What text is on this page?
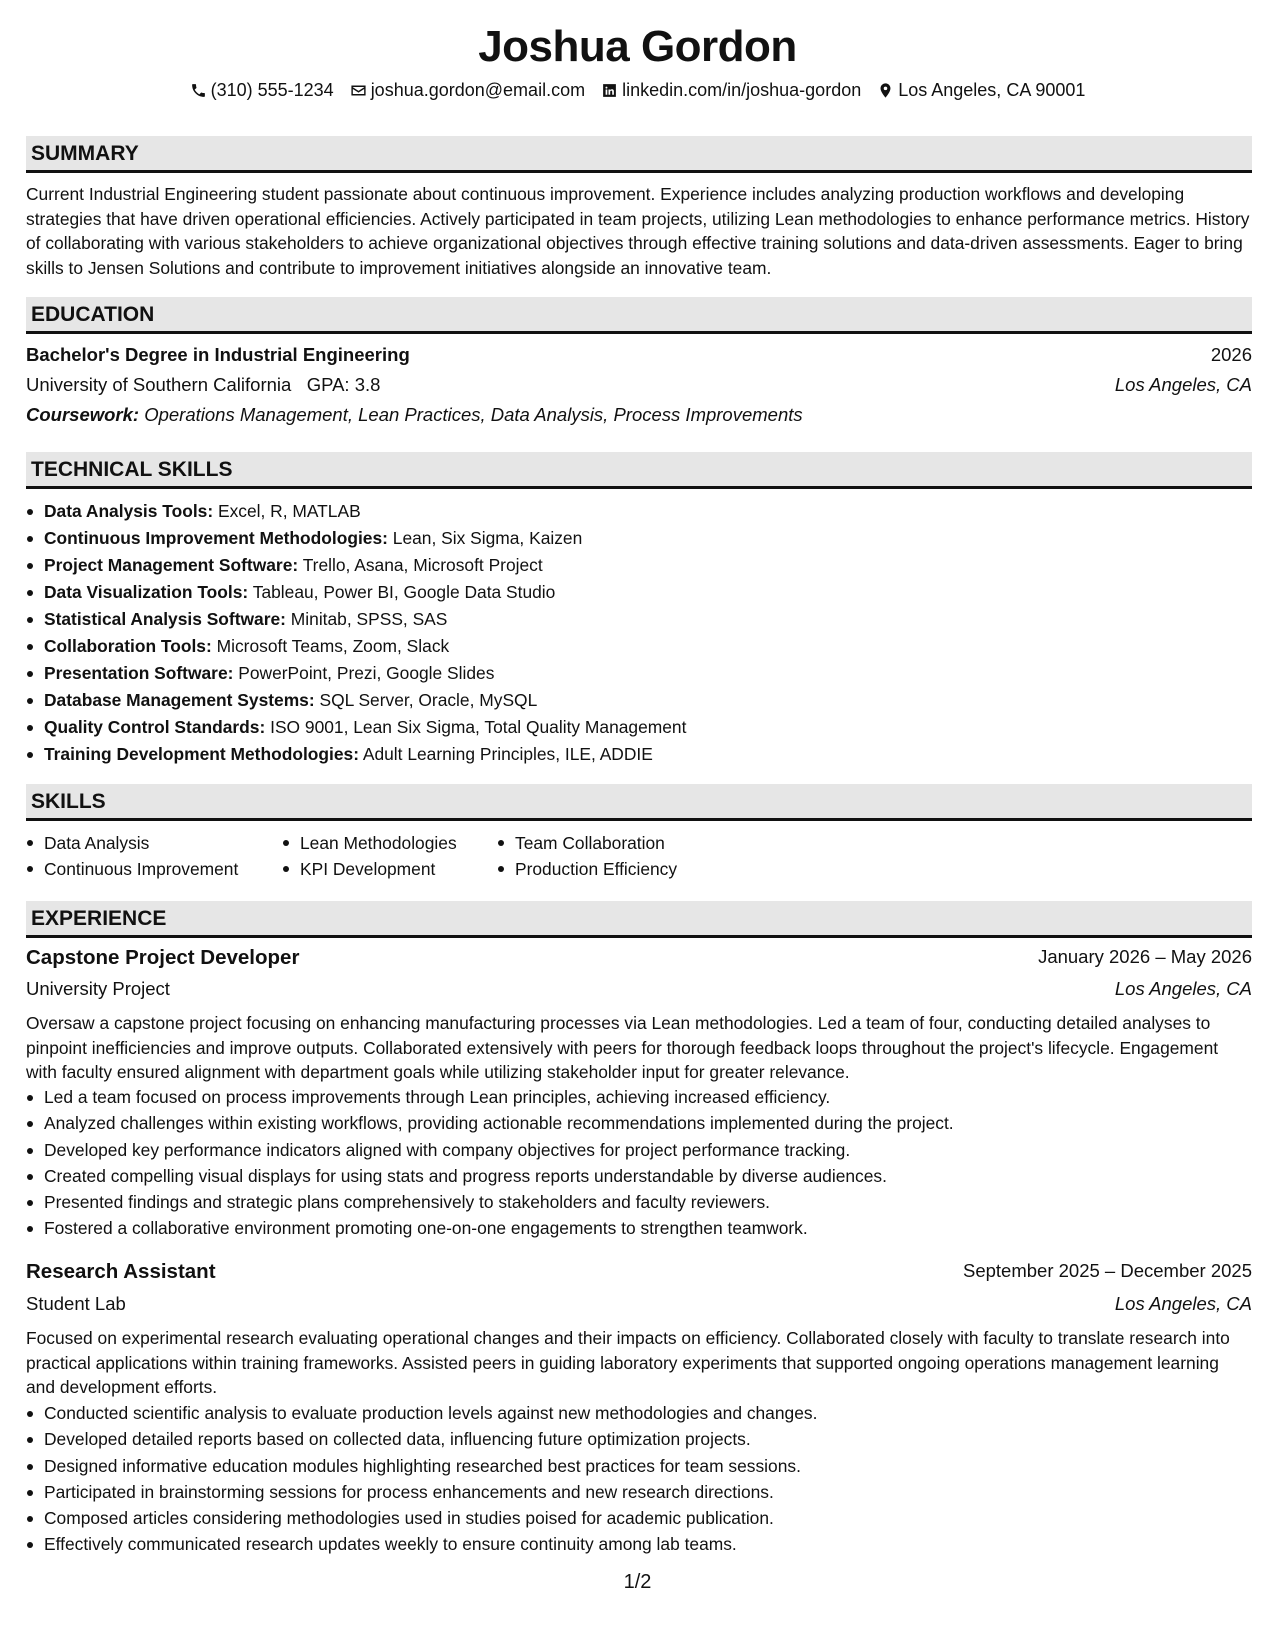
Joshua Gordon
(310) 555-1234 joshua.gordon@email.com linkedin.com/in/joshua-gordon Los Angeles, CA 90001
SUMMARY
Current Industrial Engineering student passionate about continuous improvement. Experience includes analyzing production workflows and developing strategies that have driven operational efficiencies. Actively participated in team projects, utilizing Lean methodologies to enhance performance metrics. History of collaborating with various stakeholders to achieve organizational objectives through effective training solutions and data-driven assessments. Eager to bring skills to Jensen Solutions and contribute to improvement initiatives alongside an innovative team.
EDUCATION
Bachelor's Degree in Industrial Engineering	2026
University of Southern California GPA: 3.8	Los Angeles, CA
Coursework: Operations Management, Lean Practices, Data Analysis, Process Improvements
TECHNICAL SKILLS
Data Analysis Tools: Excel, R, MATLAB
Continuous Improvement Methodologies: Lean, Six Sigma, Kaizen
Project Management Software: Trello, Asana, Microsoft Project
Data Visualization Tools: Tableau, Power BI, Google Data Studio
Statistical Analysis Software: Minitab, SPSS, SAS
Collaboration Tools: Microsoft Teams, Zoom, Slack
Presentation Software: PowerPoint, Prezi, Google Slides
Database Management Systems: SQL Server, Oracle, MySQL
Quality Control Standards: ISO 9001, Lean Six Sigma, Total Quality Management
Training Development Methodologies: Adult Learning Principles, ILE, ADDIE
SKILLS
Data Analysis
Continuous Improvement
Lean Methodologies
KPI Development
Team Collaboration
Production Efficiency
EXPERIENCE
Capstone Project Developer	January 2026 – May 2026
University Project	Los Angeles, CA
Oversaw a capstone project focusing on enhancing manufacturing processes via Lean methodologies. Led a team of four, conducting detailed analyses to pinpoint inefficiencies and improve outputs. Collaborated extensively with peers for thorough feedback loops throughout the project's lifecycle. Engagement with faculty ensured alignment with department goals while utilizing stakeholder input for greater relevance.
Led a team focused on process improvements through Lean principles, achieving increased efficiency.
Analyzed challenges within existing workflows, providing actionable recommendations implemented during the project.
Developed key performance indicators aligned with company objectives for project performance tracking.
Created compelling visual displays for using stats and progress reports understandable by diverse audiences.
Presented findings and strategic plans comprehensively to stakeholders and faculty reviewers.
Fostered a collaborative environment promoting one-on-one engagements to strengthen teamwork.
Research Assistant	September 2025 – December 2025
Student Lab	Los Angeles, CA
Focused on experimental research evaluating operational changes and their impacts on efficiency. Collaborated closely with faculty to translate research into practical applications within training frameworks. Assisted peers in guiding laboratory experiments that supported ongoing operations management learning and development efforts.
Conducted scientific analysis to evaluate production levels against new methodologies and changes.
Developed detailed reports based on collected data, influencing future optimization projects.
Designed informative education modules highlighting researched best practices for team sessions.
Participated in brainstorming sessions for process enhancements and new research directions.
Composed articles considering methodologies used in studies poised for academic publication.
Effectively communicated research updates weekly to ensure continuity among lab teams.
1/2
